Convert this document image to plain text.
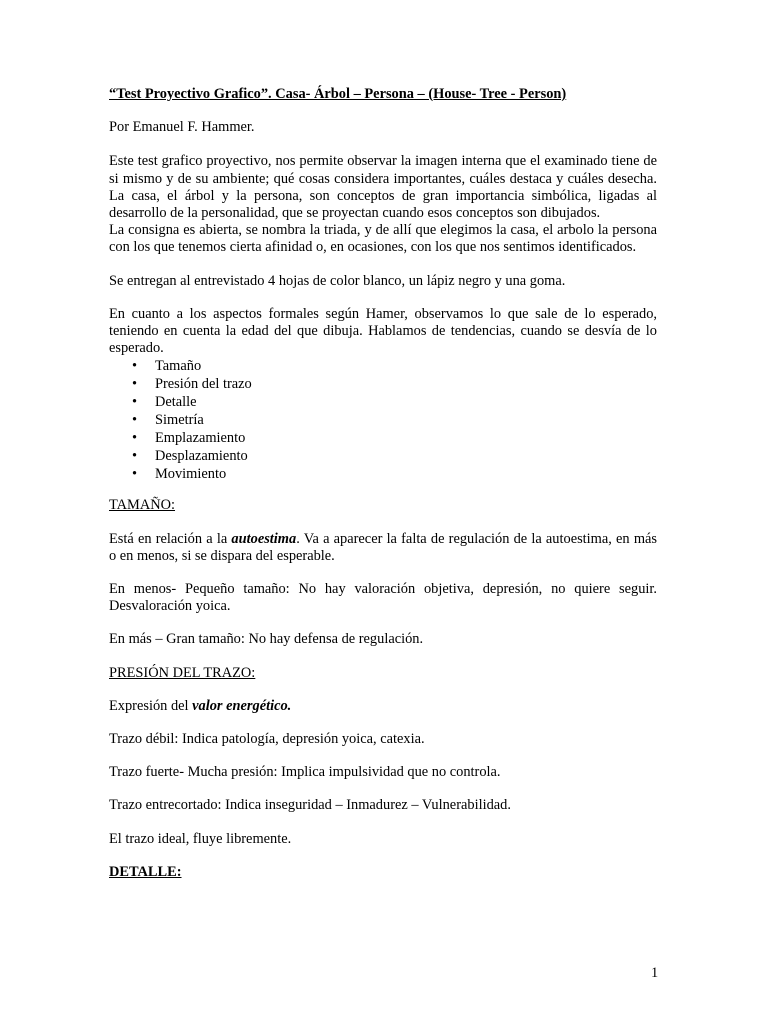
“Test Proyectivo Grafico”. Casa- Árbol – Persona – (House- Tree - Person)

Por Emanuel F. Hammer.

Este test grafico proyectivo, nos permite observar la imagen interna que el examinado tiene de si mismo y de su ambiente; qué cosas considera importantes, cuáles destaca y cuáles desecha. La casa, el árbol y la persona, son conceptos de gran importancia simbólica, ligadas al desarrollo de la personalidad, que se proyectan cuando esos conceptos son dibujados.

La consigna es abierta, se nombra la triada, y de allí que elegimos la casa, el arbolo la persona con los que tenemos cierta afinidad o, en ocasiones, con los que nos sentimos identificados.

Se entregan al entrevistado 4 hojas de color blanco, un lápiz negro y una goma.

En cuanto a los aspectos formales según Hamer, observamos lo que sale de lo esperado, teniendo en cuenta la edad del que dibuja. Hablamos de tendencias, cuando se desvía de lo esperado.

• Tamaño
• Presión del trazo
• Detalle
• Simetría
• Emplazamiento
• Desplazamiento
• Movimiento

TAMAÑO:

Está en relación a la autoestima. Va a aparecer la falta de regulación de la autoestima, en más o en menos, si se dispara del esperable.

En menos- Pequeño tamaño: No hay valoración objetiva, depresión, no quiere seguir. Desvaloración yoica.

En más – Gran tamaño: No hay defensa de regulación.

PRESIÓN DEL TRAZO:

Expresión del valor energético.

Trazo débil: Indica patología, depresión yoica, catexia.

Trazo fuerte- Mucha presión: Implica impulsividad que no controla.

Trazo entrecortado: Indica inseguridad – Inmadurez – Vulnerabilidad.

El trazo ideal, fluye libremente.

DETALLE:

1
